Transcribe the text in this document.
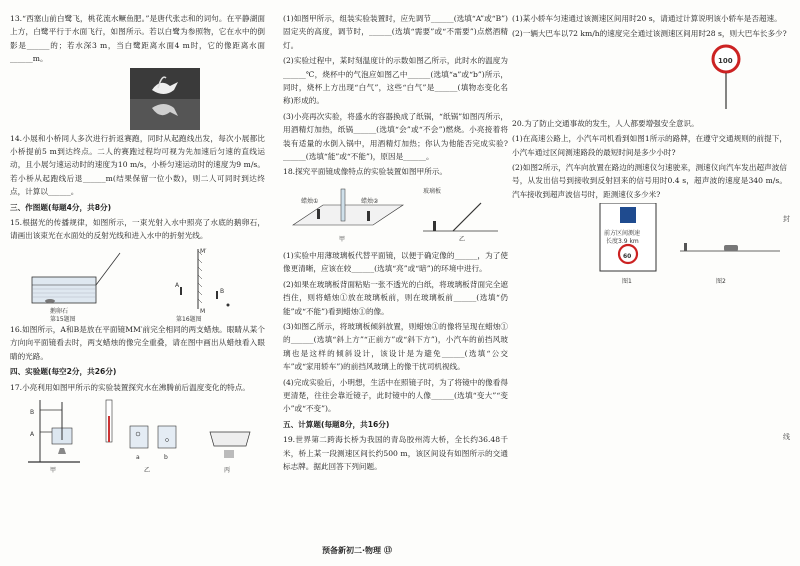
13.“西塞山前白鹭飞，桃花流水鳜鱼肥。”是唐代张志和的词句。在平静湖面上方，白鹭平行于水面飞行，如图所示。若以白鹭为参照物，它在水中的倒影是______的；若水深3 m，当白鹭距离水面4 m时，它的像距离水面______m。

14.小展和小桥同人多次进行折返赛跑，同时从起跑线出发，每次小展都比小桥提前5 m到达终点。二人的赛跑过程均可视为先加速后匀速的直线运动，且小展匀速运动时的速度为10 m/s，小桥匀速运动时的速度为9 m/s。若小桥从起跑线后退______m(结果保留一位小数)，则二人可同时到达终点，计算以______。

三、作图题(每题4分，共8分)

15.根据光的传播规律，如图所示，一束光射入水中照亮了水底的鹅卵石，请画出该束光在水面处的反射光线和进入水中的折射光线。

鹅卵石
第15题图	第16题图
M′
M
A
B

16.如图所示，A和B是放在平面镜MM′前完全相同的两支蜡烛。眼睛从某个方向向平面镜看去时，两支蜡烛的像完全重叠，请在图中画出从蜡烛看入眼睛的光路。

四、实验题(每空2分，共26分)

17.小亮利用如图甲所示的实验装置探究水在沸腾前后温度变化的特点。

A
B
甲
a	b
乙	丙

(1)如图甲所示，组装实验装置时，应先调节______(选填“A”或“B”)固定夹的高度，调节时，______(选填“需要”或“不需要”)点燃酒精灯。

(2)实验过程中，某时刻温度计的示数如图乙所示，此时水的温度为______℃，烧杯中的气泡应如图乙中______(选填“a”或“b”)所示，同时，烧杯上方出现“白气”，这些“白气”是______(填物态变化名称)形成的。

(3)小亮再次实验，将盛水的容器换成了纸锅，“纸锅”如图丙所示，用酒精灯加热，纸锅______(选填“会”或“不会”)燃烧。小亮接着将装有适量的水倒入锅中，用酒精灯加热；你认为他能否完成实验?______(选填“能”或“不能”)，原因是______。

18.探究平面镜成像特点的实验装置如图甲所示。

玻璃板
蜡烛①	蜡烛②
甲	乙

(1)实验中用薄玻璃板代替平面镜，以便于确定像的______，为了使像更清晰，应该在较______(选填“亮”或“暗”)的环境中进行。

(2)如果在玻璃板背面粘贴一张不透光的白纸，将玻璃板背面完全遮挡住，则将蜡烛①放在玻璃板前，则在玻璃板前______(选填“仍能”或“不能”)看到蜡烛①的像。

(3)如图乙所示，将玻璃板倾斜放置，则蜡烛①的像将呈现在蜡烛①的______(选填“斜上方”“正前方”或“斜下方”)，小汽车的前挡风玻璃也是这样的倾斜设计，该设计是为避免______(选填“公交车”或“家用轿车”)的前挡风玻璃上的像干扰司机视线。

(4)完成实验后，小明想，生活中在照镜子时，为了将镜中的像看得更清楚，往往会靠近镜子，此时镜中的人像______(选填“变大”“变小”或“不变”)。

五、计算题(每题8分，共16分)

19.世界第二跨海长桥为我国的青岛胶州湾大桥，全长约36.48千米，桥上某一段测速区间长约500 m，该区间设有如图所示的交通标志牌。据此回答下列问题。

(1)某小轿车匀速通过该测速区间用时20 s，请通过计算说明该小轿车是否超速。

(2)一辆大巴车以72 km/h的速度完全通过该测速区间用时28 s，则大巴车长多少?

100

20.为了防止交通事故的发生，人人都要增强安全意识。

(1)在高速公路上，小汽车司机看到如图1所示的路牌，在遵守交通规则的前提下，小汽车通过区间测速路段的最短时间是多少小时?

(2)如图2所示，汽车向放置在路边的测速仪匀速驶来，测速仪向汽车发出超声波信号，从发出信号到接收到反射回来的信号用时0.4 s，超声波的速度是340 m/s。汽车接收到超声波信号时，距测速仪多少米?

前方区间测速
长度3.9 km
60
图1	图2
封
线
预备新初二·物理 ⑬
